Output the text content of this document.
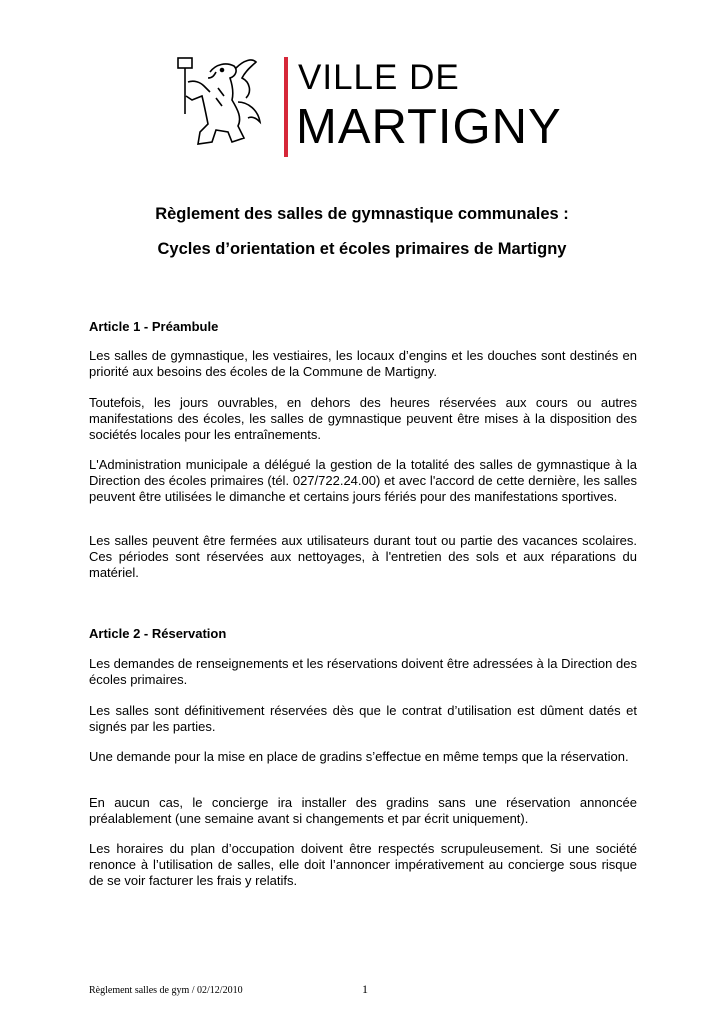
VILLE DE
MARTIGNY
Règlement des salles de gymnastique communales :
Cycles d’orientation et écoles primaires de Martigny
Article 1 - Préambule
Les salles de gymnastique, les vestiaires, les locaux d’engins et les douches sont destinés en priorité aux besoins des écoles de la Commune de Martigny.
Toutefois, les jours ouvrables, en dehors des heures réservées aux cours ou autres manifestations des écoles, les salles de gymnastique peuvent être mises à la disposition des sociétés locales pour les entraînements.
L'Administration municipale a délégué la gestion de la totalité des salles de gymnastique à la Direction des écoles primaires (tél. 027/722.24.00) et avec l'accord de cette dernière, les salles peuvent être utilisées le dimanche et certains jours fériés pour des manifestations sportives.
Les salles peuvent être fermées aux utilisateurs durant tout ou partie des vacances scolaires. Ces périodes sont réservées aux nettoyages, à l'entretien des sols et aux réparations du matériel.
Article 2 - Réservation
Les demandes de renseignements et les réservations doivent être adressées à la Direction des écoles primaires.
Les salles sont définitivement réservées dès que le contrat d’utilisation est dûment datés et signés par les parties.
Une demande pour la mise en place de gradins s’effectue en même temps que la réservation.
En aucun cas, le concierge ira installer des gradins sans une réservation annoncée préalablement (une semaine avant si changements et par écrit uniquement).
Les horaires du plan d’occupation doivent être respectés scrupuleusement. Si une société renonce à l’utilisation de salles, elle doit l’annoncer impérativement au concierge sous risque de se voir facturer les frais y relatifs.
Règlement salles de gym / 02/12/2010	1
